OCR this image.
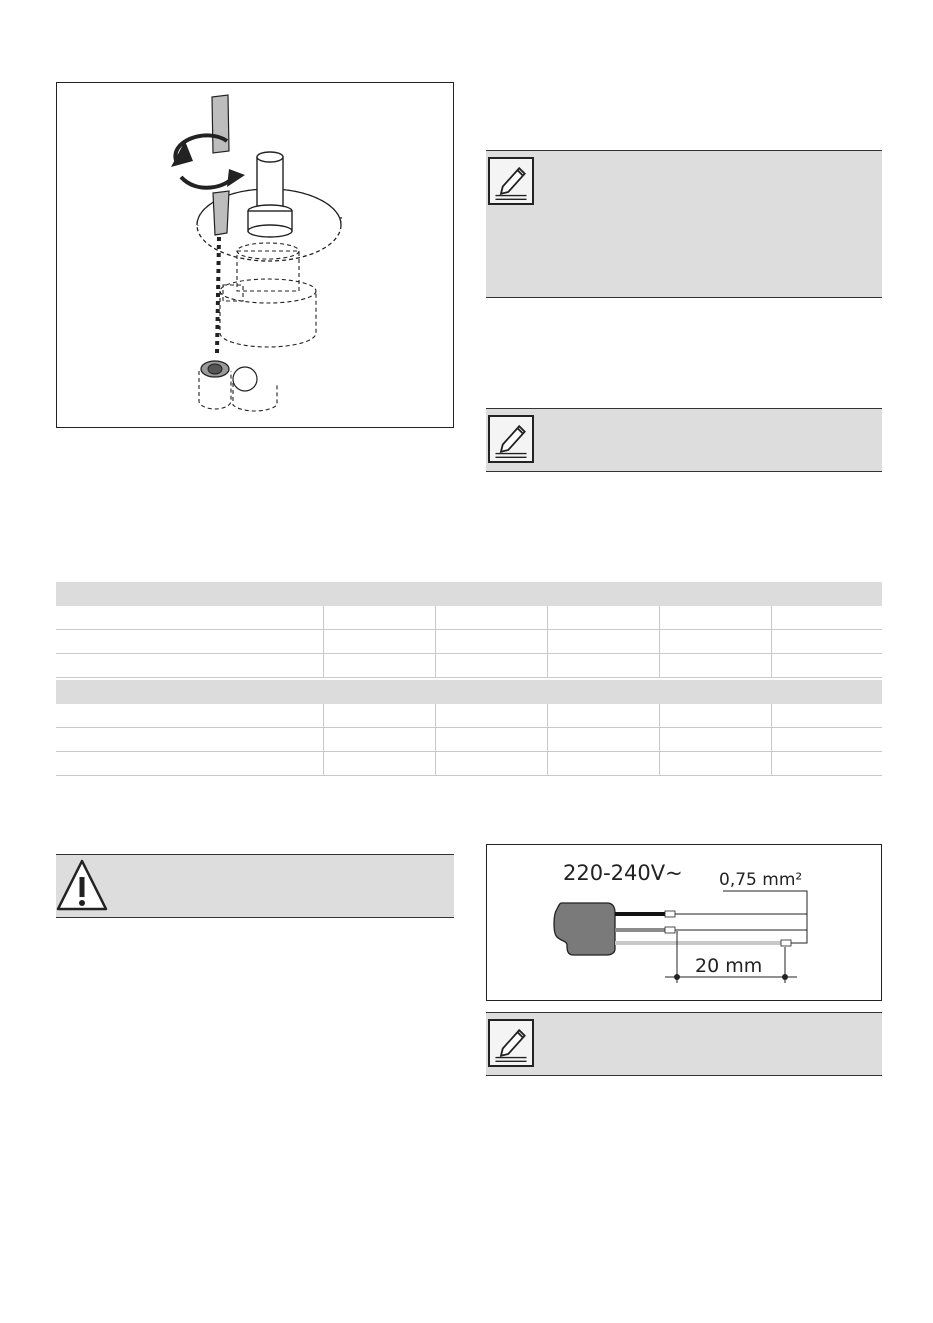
220-240V~ 0,75 mm²
20 mm
